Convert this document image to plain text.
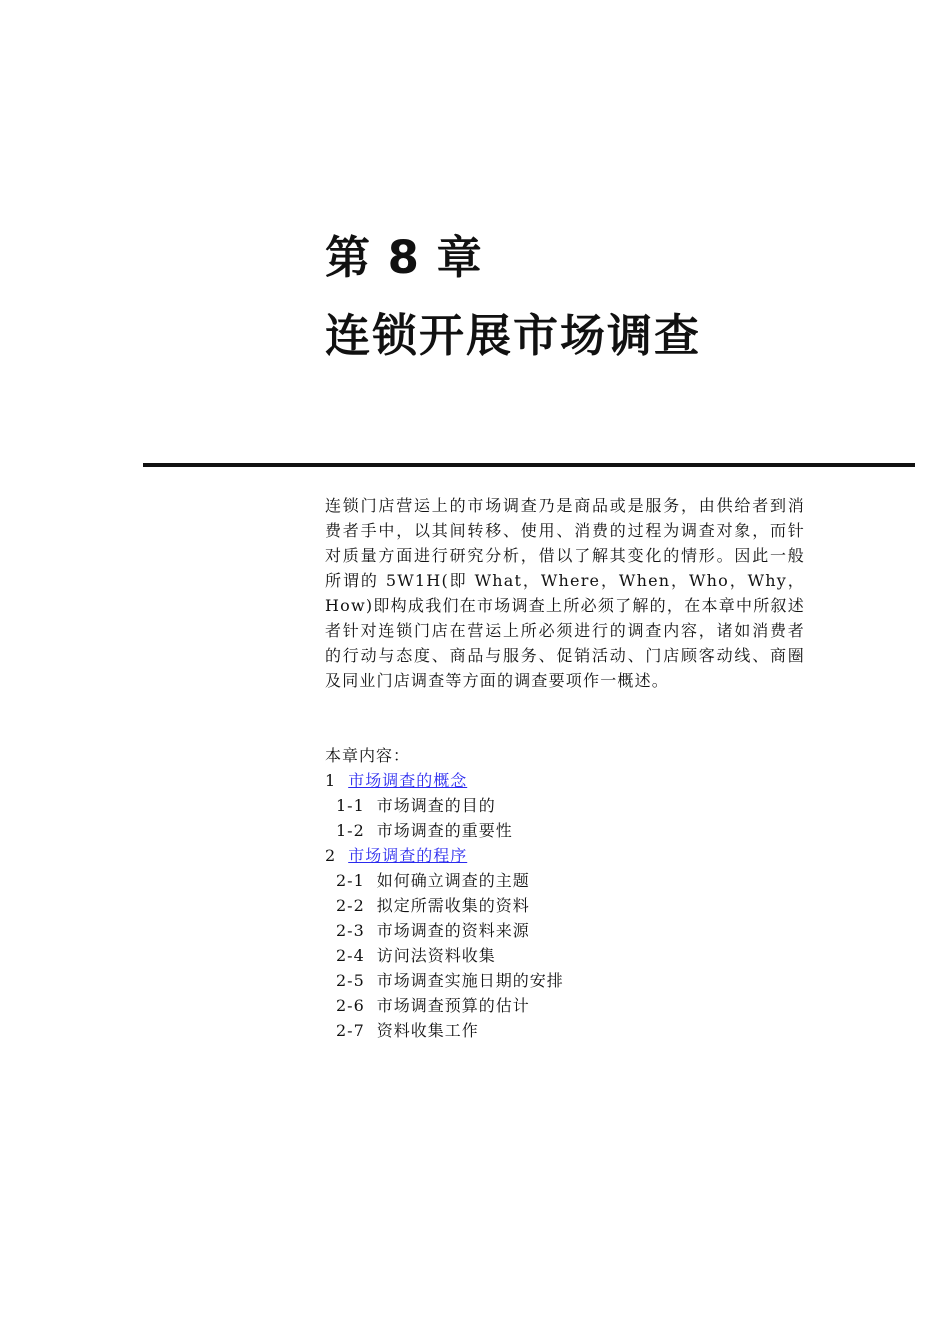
第 8 章
连锁开展市场调查

连锁门店营运上的市场调查乃是商品或是服务，由供给者到消费者手中，以其间转移、使用、消费的过程为调查对象，而针对质量方面进行研究分析，借以了解其变化的情形。因此一般所谓的 5W1H(即 What，Where，When，Who，Why，How)即构成我们在市场调查上所必须了解的，在本章中所叙述者针对连锁门店在营运上所必须进行的调查内容，诸如消费者的行动与态度、商品与服务、促销活动、门店顾客动线、商圈及同业门店调查等方面的调查要项作一概述。

本章内容：

1 市场调查的概念
1-1 市场调查的目的
1-2 市场调查的重要性
2 市场调查的程序
2-1 如何确立调查的主题
2-2 拟定所需收集的资料
2-3 市场调查的资料来源
2-4 访问法资料收集
2-5 市场调查实施日期的安排
2-6 市场调查预算的估计
2-7 资料收集工作
